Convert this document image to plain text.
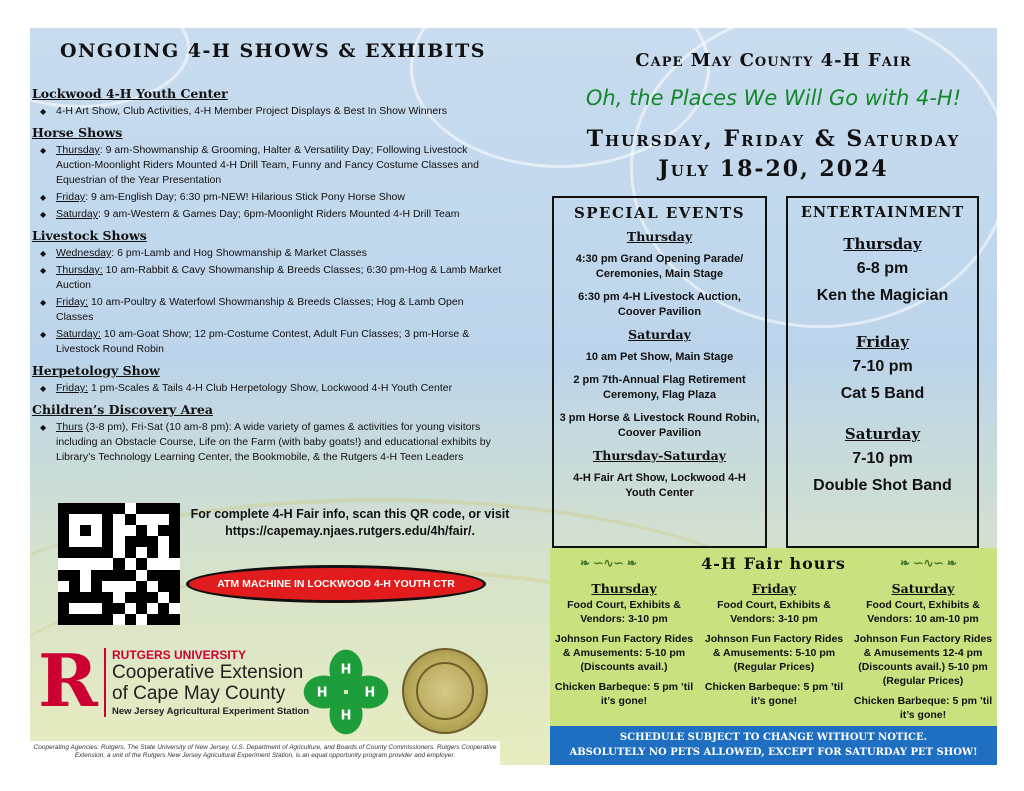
ONGOING 4-H SHOWS & EXHIBITS
Lockwood 4-H Youth Center
◆ 4-H Art Show, Club Activities, 4-H Member Project Displays & Best In Show Winners
Horse Shows
◆ Thursday: 9 am-Showmanship & Grooming, Halter & Versatility Day; Following Livestock Auction-Moonlight Riders Mounted 4-H Drill Team, Funny and Fancy Costume Classes and Equestrian of the Year Presentation
◆ Friday: 9 am-English Day; 6:30 pm-NEW! Hilarious Stick Pony Horse Show
◆ Saturday: 9 am-Western & Games Day; 6pm-Moonlight Riders Mounted 4-H Drill Team
Livestock Shows
◆ Wednesday: 6 pm-Lamb and Hog Showmanship & Market Classes
◆ Thursday: 10 am-Rabbit & Cavy Showmanship & Breeds Classes; 6:30 pm-Hog & Lamb Market Auction
◆ Friday: 10 am-Poultry & Waterfowl Showmanship & Breeds Classes; Hog & Lamb Open Classes
◆ Saturday: 10 am-Goat Show; 12 pm-Costume Contest, Adult Fun Classes; 3 pm-Horse & Livestock Round Robin
Herpetology Show
◆ Friday: 1 pm-Scales & Tails 4-H Club Herpetology Show, Lockwood 4-H Youth Center
Children’s Discovery Area
◆ Thurs (3-8 pm), Fri-Sat (10 am-8 pm): A wide variety of games & activities for young visitors including an Obstacle Course, Life on the Farm (with baby goats!) and educational exhibits by Library’s Technology Learning Center, the Bookmobile, & the Rutgers 4-H Teen Leaders
For complete 4-H Fair info, scan this QR code, or visit
https://capemay.njaes.rutgers.edu/4h/fair/.
ATM MACHINE IN LOCKWOOD 4-H YOUTH CTR
R RUTGERS UNIVERSITY
Cooperative Extension
of Cape May County
New Jersey Agricultural Experiment Station
H
H
H
H
Cooperating Agencies: Rutgers, The State University of New Jersey, U.S. Department of Agriculture, and Boards of County Commissioners. Rutgers Cooperative Extension, a unit of the Rutgers New Jersey Agricultural Experiment Station, is an equal opportunity program provider and employer.
Cape May County 4-H Fair
Oh, the Places We Will Go with 4-H!
Thursday, Friday & Saturday
July 18-20, 2024
SPECIAL EVENTS
Thursday
4:30 pm Grand Opening Parade/ Ceremonies, Main Stage
6:30 pm 4-H Livestock Auction, Coover Pavilion
Saturday
10 am Pet Show, Main Stage
2 pm 7th-Annual Flag Retirement Ceremony, Flag Plaza
3 pm Horse & Livestock Round Robin, Coover Pavilion
Thursday-Saturday
4-H Fair Art Show, Lockwood 4-H Youth Center
ENTERTAINMENT
Thursday
6-8 pm
Ken the Magician
Friday
7-10 pm
Cat 5 Band
Saturday
7-10 pm
Double Shot Band
❧ ∽∿∽ ❧	4-H Fair hours	❧ ∽∿∽ ❧
Thursday
Food Court, Exhibits & Vendors: 3-10 pm
Johnson Fun Factory Rides & Amusements: 5-10 pm (Discounts avail.)
Chicken Barbeque: 5 pm ’til it’s gone!
Friday
Food Court, Exhibits & Vendors: 3-10 pm
Johnson Fun Factory Rides & Amusements: 5-10 pm (Regular Prices)
Chicken Barbeque: 5 pm ’til it’s gone!
Saturday
Food Court, Exhibits & Vendors: 10 am-10 pm
Johnson Fun Factory Rides & Amusements 12-4 pm (Discounts avail.) 5-10 pm (Regular Prices)
Chicken Barbeque: 5 pm ’til it’s gone!
SCHEDULE SUBJECT TO CHANGE WITHOUT NOTICE.
ABSOLUTELY NO PETS ALLOWED, EXCEPT FOR SATURDAY PET SHOW!
